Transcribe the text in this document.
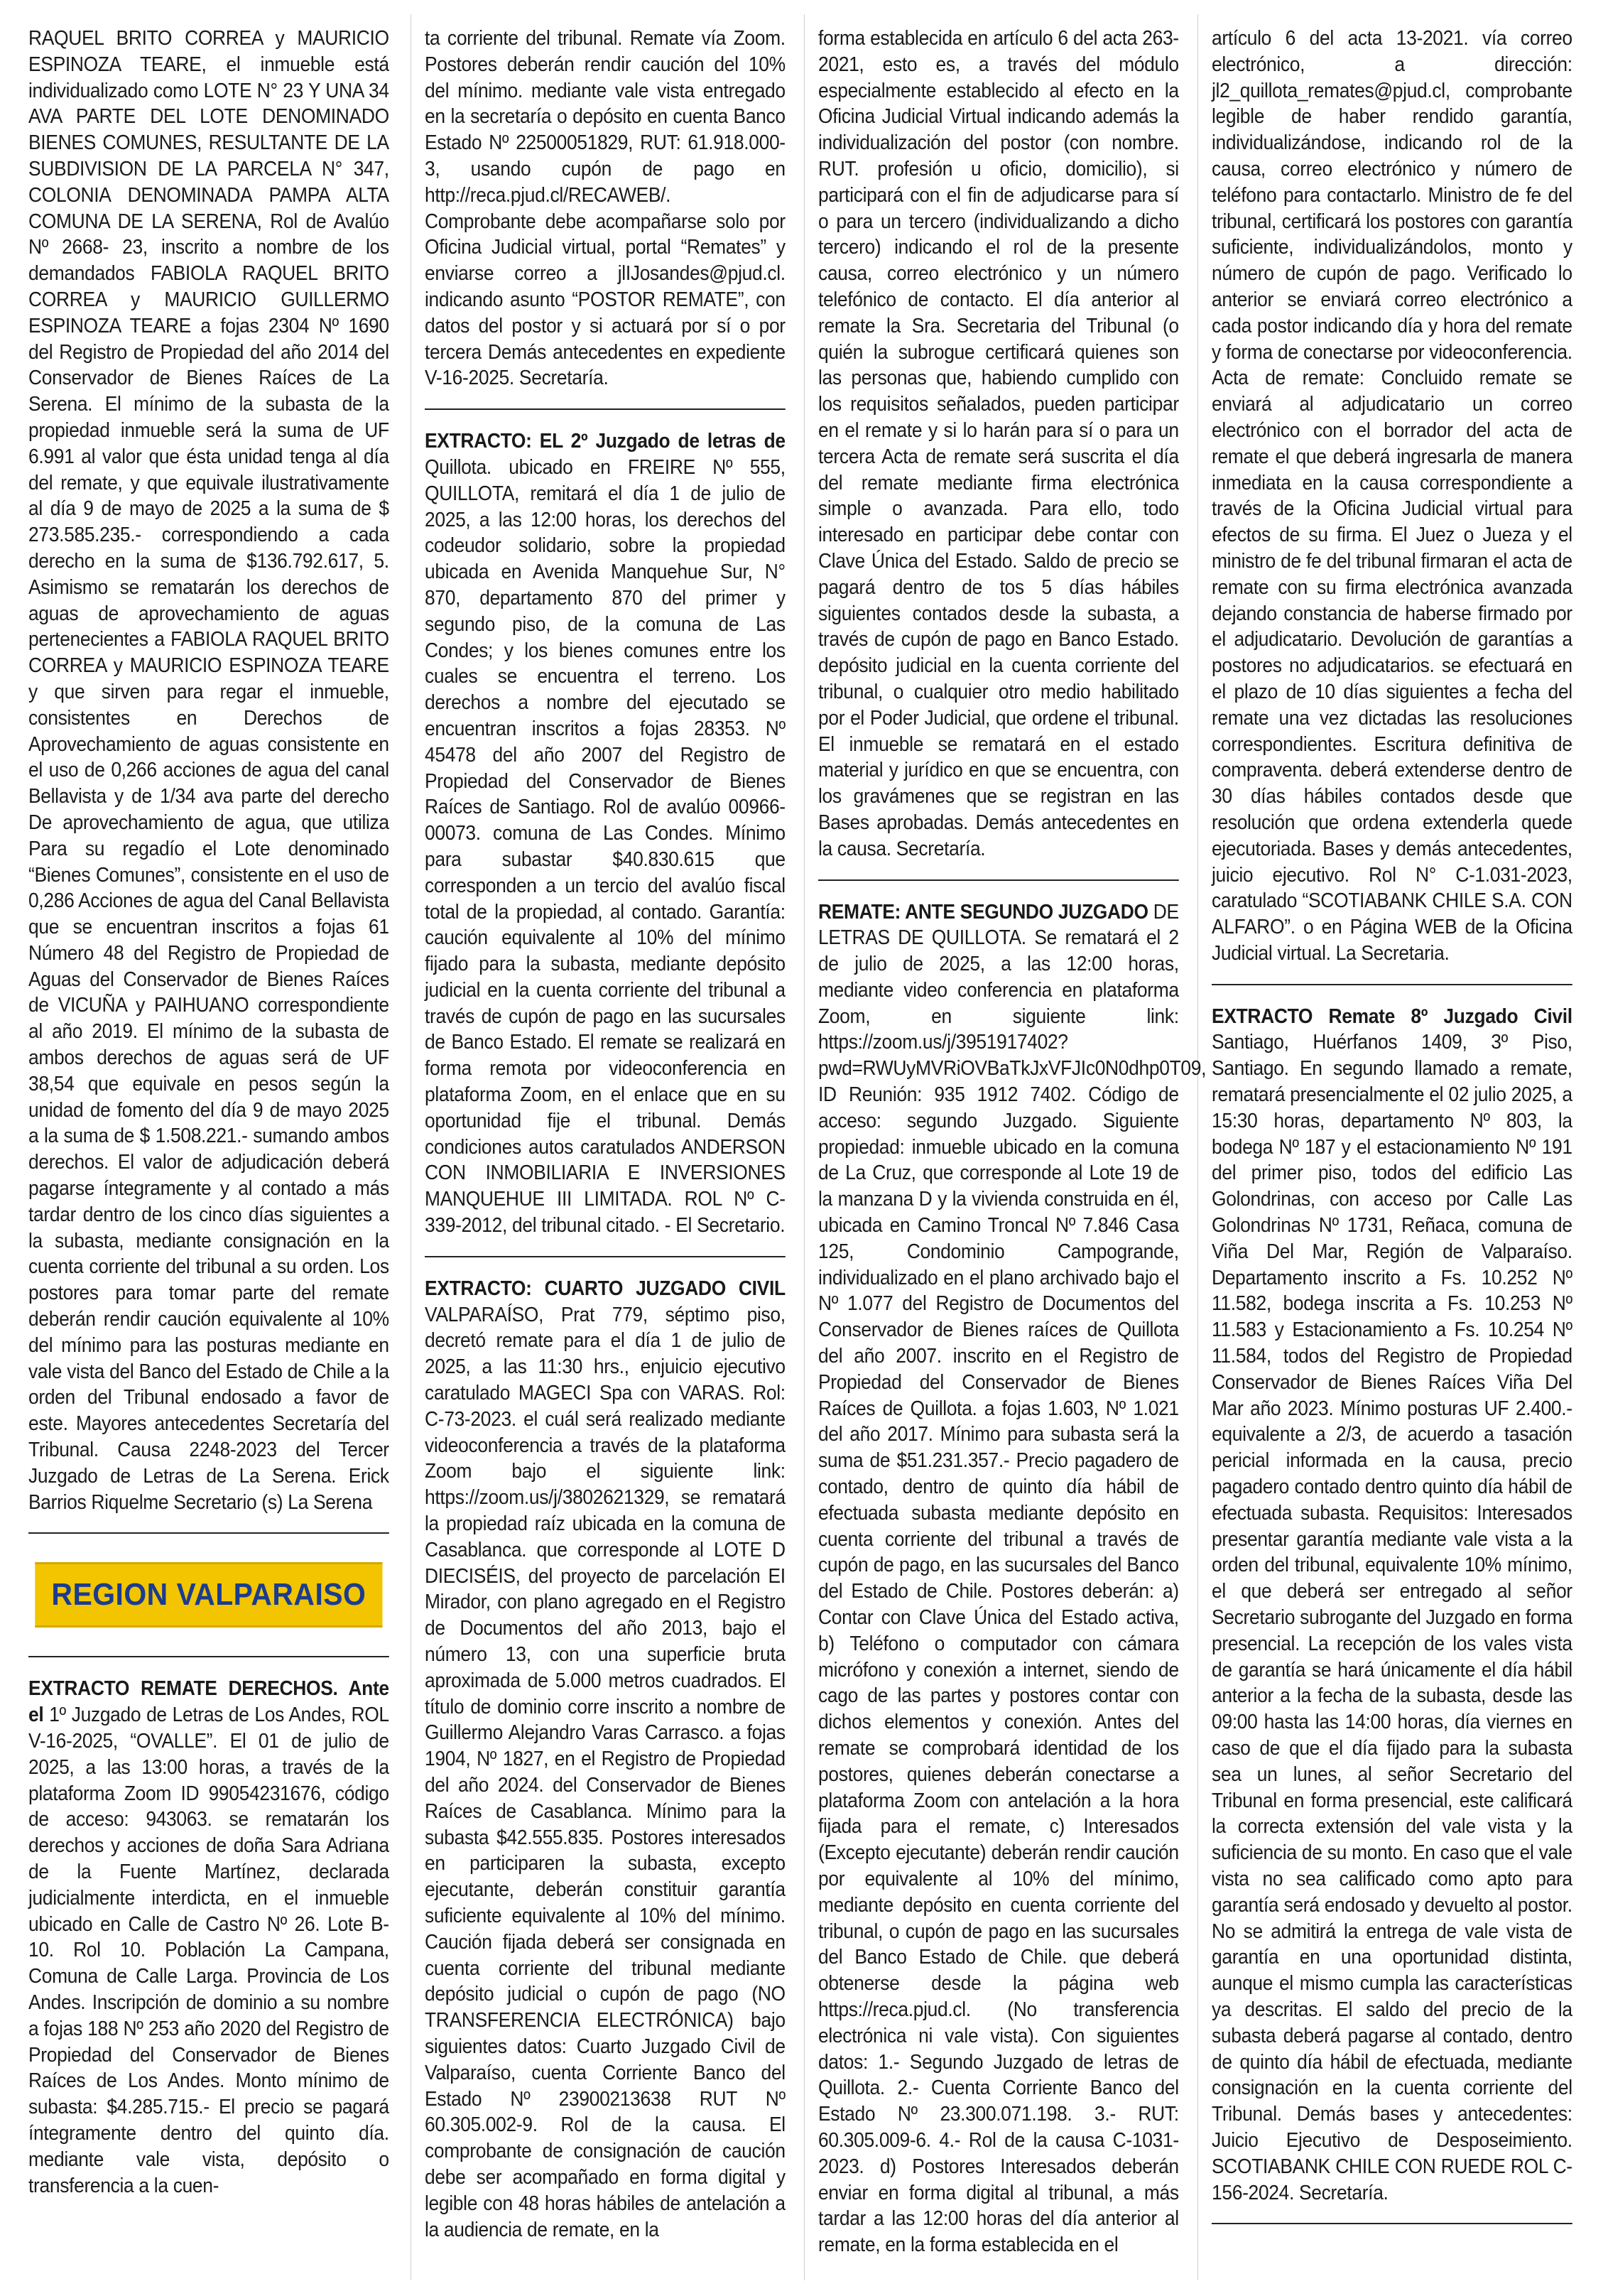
RAQUEL BRITO CORREA y MAURICIO ESPINOZA TEARE, el inmueble está individualizado como LOTE N° 23 Y UNA 34 AVA PARTE DEL LOTE DENOMINADO BIENES COMUNES, RESULTANTE DE LA SUBDIVISION DE LA PARCELA N° 347, COLONIA DENOMINADA PAMPA ALTA COMUNA DE LA SERENA, Rol de Avalúo Nº 2668- 23, inscrito a nombre de los demandados FABIOLA RAQUEL BRITO CORREA y MAURICIO GUILLERMO ESPINOZA TEARE a fojas 2304 Nº 1690 del Registro de Propiedad del año 2014 del Conservador de Bienes Raíces de La Serena. El mínimo de la subasta de la propiedad inmueble será la suma de UF 6.991 al valor que ésta unidad tenga al día del remate, y que equivale ilustrativamente al día 9 de mayo de 2025 a la suma de $ 273.585.235.- correspondiendo a cada derecho en la suma de $136.792.617, 5. Asimismo se rematarán los derechos de aguas de aprovechamiento de aguas pertenecientes a FABIOLA RAQUEL BRITO CORREA y MAURICIO ESPINOZA TEARE y que sirven para regar el inmueble, consistentes en Derechos de Aprovechamiento de aguas consistente en el uso de 0,266 acciones de agua del canal Bellavista y de 1/34 ava parte del derecho De aprovechamiento de agua, que utiliza Para su regadío el Lote denominado “Bienes Comunes”, consistente en el uso de 0,286 Acciones de agua del Canal Bellavista que se encuentran inscritos a fojas 61 Número 48 del Registro de Propiedad de Aguas del Conservador de Bienes Raíces de VICUÑA y PAIHUANO correspondiente al año 2019. El mínimo de la subasta de ambos derechos de aguas será de UF 38,54 que equivale en pesos según la unidad de fomento del día 9 de mayo 2025 a la suma de $ 1.508.221.- sumando ambos derechos. El valor de adjudicación deberá pagarse íntegramente y al contado a más tardar dentro de los cinco días siguientes a la subasta, mediante consignación en la cuenta corriente del tribunal a su orden. Los postores para tomar parte del remate deberán rendir caución equivalente al 10% del mínimo para las posturas mediante en vale vista del Banco del Estado de Chile a la orden del Tribunal endosado a favor de este. Mayores antecedentes Secretaría del Tribunal. Causa 2248-2023 del Tercer Juzgado de Letras de La Serena. Erick Barrios Riquelme Secretario (s) La Serena

REGION VALPARAISO

EXTRACTO REMATE DERECHOS. Ante el 1º Juzgado de Letras de Los Andes, ROL V-16-2025, “OVALLE”. El 01 de julio de 2025, a las 13:00 horas, a través de la plataforma Zoom ID 99054231676, código de acceso: 943063. se rematarán los derechos y acciones de doña Sara Adriana de la Fuente Martínez, declarada judicialmente interdicta, en el inmueble ubicado en Calle de Castro Nº 26. Lote B-10. Rol 10. Población La Campana, Comuna de Calle Larga. Provincia de Los Andes. Inscripción de dominio a su nombre a fojas 188 Nº 253 año 2020 del Registro de Propiedad del Conservador de Bienes Raíces de Los Andes. Monto mínimo de subasta: $4.285.715.- El precio se pagará íntegramente dentro del quinto día. mediante vale vista, depósito o transferencia a la cuen-

ta corriente del tribunal. Remate vía Zoom. Postores deberán rendir caución del 10% del mínimo. mediante vale vista entregado en la secretaría o depósito en cuenta Banco Estado Nº 22500051829, RUT: 61.918.000-3, usando cupón de pago en http://reca.pjud.cl/RECAWEB/. Comprobante debe acompañarse solo por Oficina Judicial virtual, portal “Remates” y enviarse correo a jlIJosandes@pjud.cl. indicando asunto “POSTOR REMATE”, con datos del postor y si actuará por sí o por tercera Demás antecedentes en expediente V-16-2025. Secretaría.

EXTRACTO: EL 2º Juzgado de letras de Quillota. ubicado en FREIRE Nº 555, QUILLOTA, remitará el día 1 de julio de 2025, a las 12:00 horas, los derechos del codeudor solidario, sobre la propiedad ubicada en Avenida Manquehue Sur, N° 870, departamento 870 del primer y segundo piso, de la comuna de Las Condes; y los bienes comunes entre los cuales se encuentra el terreno. Los derechos a nombre del ejecutado se encuentran inscritos a fojas 28353. Nº 45478 del año 2007 del Registro de Propiedad del Conservador de Bienes Raíces de Santiago. Rol de avalúo 00966-00073. comuna de Las Condes. Mínimo para subastar $40.830.615 que corresponden a un tercio del avalúo fiscal total de la propiedad, al contado. Garantía: caución equivalente al 10% del mínimo fijado para la subasta, mediante depósito judicial en la cuenta corriente del tribunal a través de cupón de pago en las sucursales de Banco Estado. El remate se realizará en forma remota por videoconferencia en plataforma Zoom, en el enlace que en su oportunidad fije el tribunal. Demás condiciones autos caratulados ANDERSON CON INMOBILIARIA E INVERSIONES MANQUEHUE III LIMITADA. ROL Nº C-339-2012, del tribunal citado. - El Secretario.

EXTRACTO: CUARTO JUZGADO CIVIL VALPARAÍSO, Prat 779, séptimo piso, decretó remate para el día 1 de julio de 2025, a las 11:30 hrs., enjuicio ejecutivo caratulado MAGECI Spa con VARAS. Rol: C-73-2023. el cuál será realizado mediante videoconferencia a través de la plataforma Zoom bajo el siguiente link: https://zoom.us/j/3802621329, se rematará la propiedad raíz ubicada en la comuna de Casablanca. que corresponde al LOTE D DIECISÉIS, del proyecto de parcelación EI Mirador, con plano agregado en el Registro de Documentos del año 2013, bajo el número 13, con una superficie bruta aproximada de 5.000 metros cuadrados. El título de dominio corre inscrito a nombre de Guillermo Alejandro Varas Carrasco. a fojas 1904, Nº 1827, en el Registro de Propiedad del año 2024. del Conservador de Bienes Raíces de Casablanca. Mínimo para la subasta $42.555.835. Postores interesados en participaren la subasta, excepto ejecutante, deberán constituir garantía suficiente equivalente al 10% del mínimo. Caución fijada deberá ser consignada en cuenta corriente del tribunal mediante depósito judicial o cupón de pago (NO TRANSFERENCIA ELECTRÓNICA) bajo siguientes datos: Cuarto Juzgado Civil de Valparaíso, cuenta Corriente Banco del Estado Nº 23900213638 RUT Nº 60.305.002-9. Rol de la causa. El comprobante de consignación de caución debe ser acompañado en forma digital y legible con 48 horas hábiles de antelación a la audiencia de remate, en la

forma establecida en artículo 6 del acta 263-2021, esto es, a través del módulo especialmente establecido al efecto en la Oficina Judicial Virtual indicando además la individualización del postor (con nombre. RUT. profesión u oficio, domicilio), si participará con el fin de adjudicarse para sí o para un tercero (individualizando a dicho tercero) indicando el rol de la presente causa, correo electrónico y un número telefónico de contacto. El día anterior al remate la Sra. Secretaria del Tribunal (o quién la subrogue certificará quienes son las personas que, habiendo cumplido con los requisitos señalados, pueden participar en el remate y si lo harán para sí o para un tercera Acta de remate será suscrita el día del remate mediante firma electrónica simple o avanzada. Para ello, todo interesado en participar debe contar con Clave Única del Estado. Saldo de precio se pagará dentro de tos 5 días hábiles siguientes contados desde la subasta, a través de cupón de pago en Banco Estado. depósito judicial en la cuenta corriente del tribunal, o cualquier otro medio habilitado por el Poder Judicial, que ordene el tribunal. El inmueble se rematará en el estado material y jurídico en que se encuentra, con los gravámenes que se registran en las Bases aprobadas. Demás antecedentes en la causa. Secretaría.

REMATE: ANTE SEGUNDO JUZGADO DE LETRAS DE QUILLOTA. Se rematará el 2 de julio de 2025, a las 12:00 horas, mediante video conferencia en plataforma Zoom, en siguiente link: https://zoom.us/j/3951917402?pwd=RWUyMVRiOVBaTkJxVFJIc0N0dhp0T09, ID Reunión: 935 1912 7402. Código de acceso: segundo Juzgado. Siguiente propiedad: inmueble ubicado en la comuna de La Cruz, que corresponde al Lote 19 de la manzana D y la vivienda construida en él, ubicada en Camino Troncal Nº 7.846 Casa 125, Condominio Campogrande, individualizado en el plano archivado bajo el Nº 1.077 del Registro de Documentos del Conservador de Bienes raíces de Quillota del año 2007. inscrito en el Registro de Propiedad del Conservador de Bienes Raíces de Quillota. a fojas 1.603, Nº 1.021 del año 2017. Mínimo para subasta será la suma de $51.231.357.- Precio pagadero de contado, dentro de quinto día hábil de efectuada subasta mediante depósito en cuenta corriente del tribunal a través de cupón de pago, en las sucursales del Banco del Estado de Chile. Postores deberán: a) Contar con Clave Única del Estado activa, b) Teléfono o computador con cámara micrófono y conexión a internet, siendo de cago de las partes y postores contar con dichos elementos y conexión. Antes del remate se comprobará identidad de los postores, quienes deberán conectarse a plataforma Zoom con antelación a la hora fijada para el remate, c) Interesados (Excepto ejecutante) deberán rendir caución por equivalente al 10% del mínimo, mediante depósito en cuenta corriente del tribunal, o cupón de pago en las sucursales del Banco Estado de Chile. que deberá obtenerse desde la página web https://reca.pjud.cl. (No transferencia electrónica ni vale vista). Con siguientes datos: 1.- Segundo Juzgado de letras de Quillota. 2.- Cuenta Corriente Banco del Estado Nº 23.300.071.198. 3.- RUT: 60.305.009-6. 4.- Rol de la causa C-1031-2023. d) Postores Interesados deberán enviar en forma digital al tribunal, a más tardar a las 12:00 horas del día anterior al remate, en la forma establecida en el

artículo 6 del acta 13-2021. vía correo electrónico, a dirección: jl2_quillota_remates@pjud.cl, comprobante legible de haber rendido garantía, individualizándose, indicando rol de la causa, correo electrónico y número de teléfono para contactarlo. Ministro de fe del tribunal, certificará los postores con garantía suficiente, individualizándolos, monto y número de cupón de pago. Verificado lo anterior se enviará correo electrónico a cada postor indicando día y hora del remate y forma de conectarse por videoconferencia. Acta de remate: Concluido remate se enviará al adjudicatario un correo electrónico con el borrador del acta de remate el que deberá ingresarla de manera inmediata en la causa correspondiente a través de la Oficina Judicial virtual para efectos de su firma. El Juez o Jueza y el ministro de fe del tribunal firmaran el acta de remate con su firma electrónica avanzada dejando constancia de haberse firmado por el adjudicatario. Devolución de garantías a postores no adjudicatarios. se efectuará en el plazo de 10 días siguientes a fecha del remate una vez dictadas las resoluciones correspondientes. Escritura definitiva de compraventa. deberá extenderse dentro de 30 días hábiles contados desde que resolución que ordena extenderla quede ejecutoriada. Bases y demás antecedentes, juicio ejecutivo. Rol N° C-1.031-2023, caratulado “SCOTIABANK CHILE S.A. CON ALFARO”. o en Página WEB de la Oficina Judicial virtual. La Secretaria.

EXTRACTO Remate 8º Juzgado Civil Santiago, Huérfanos 1409, 3º Piso, Santiago. En segundo llamado a remate, rematará presencialmente el 02 julio 2025, a 15:30 horas, departamento Nº 803, la bodega Nº 187 y el estacionamiento Nº 191 del primer piso, todos del edificio Las Golondrinas, con acceso por Calle Las Golondrinas Nº 1731, Reñaca, comuna de Viña Del Mar, Región de Valparaíso. Departamento inscrito a Fs. 10.252 Nº 11.582, bodega inscrita a Fs. 10.253 Nº 11.583 y Estacionamiento a Fs. 10.254 Nº 11.584, todos del Registro de Propiedad Conservador de Bienes Raíces Viña Del Mar año 2023. Mínimo posturas UF 2.400.- equivalente a 2/3, de acuerdo a tasación pericial informada en la causa, precio pagadero contado dentro quinto día hábil de efectuada subasta. Requisitos: Interesados presentar garantía mediante vale vista a la orden del tribunal, equivalente 10% mínimo, el que deberá ser entregado al señor Secretario subrogante del Juzgado en forma presencial. La recepción de los vales vista de garantía se hará únicamente el día hábil anterior a la fecha de la subasta, desde las 09:00 hasta las 14:00 horas, día viernes en caso de que el día fijado para la subasta sea un lunes, al señor Secretario del Tribunal en forma presencial, este calificará la correcta extensión del vale vista y la suficiencia de su monto. En caso que el vale vista no sea calificado como apto para garantía será endosado y devuelto al postor. No se admitirá la entrega de vale vista de garantía en una oportunidad distinta, aunque el mismo cumpla las características ya descritas. El saldo del precio de la subasta deberá pagarse al contado, dentro de quinto día hábil de efectuada, mediante consignación en la cuenta corriente del Tribunal. Demás bases y antecedentes: Juicio Ejecutivo de Desposeimiento. SCOTIABANK CHILE CON RUEDE ROL C-156-2024. Secretaría.
